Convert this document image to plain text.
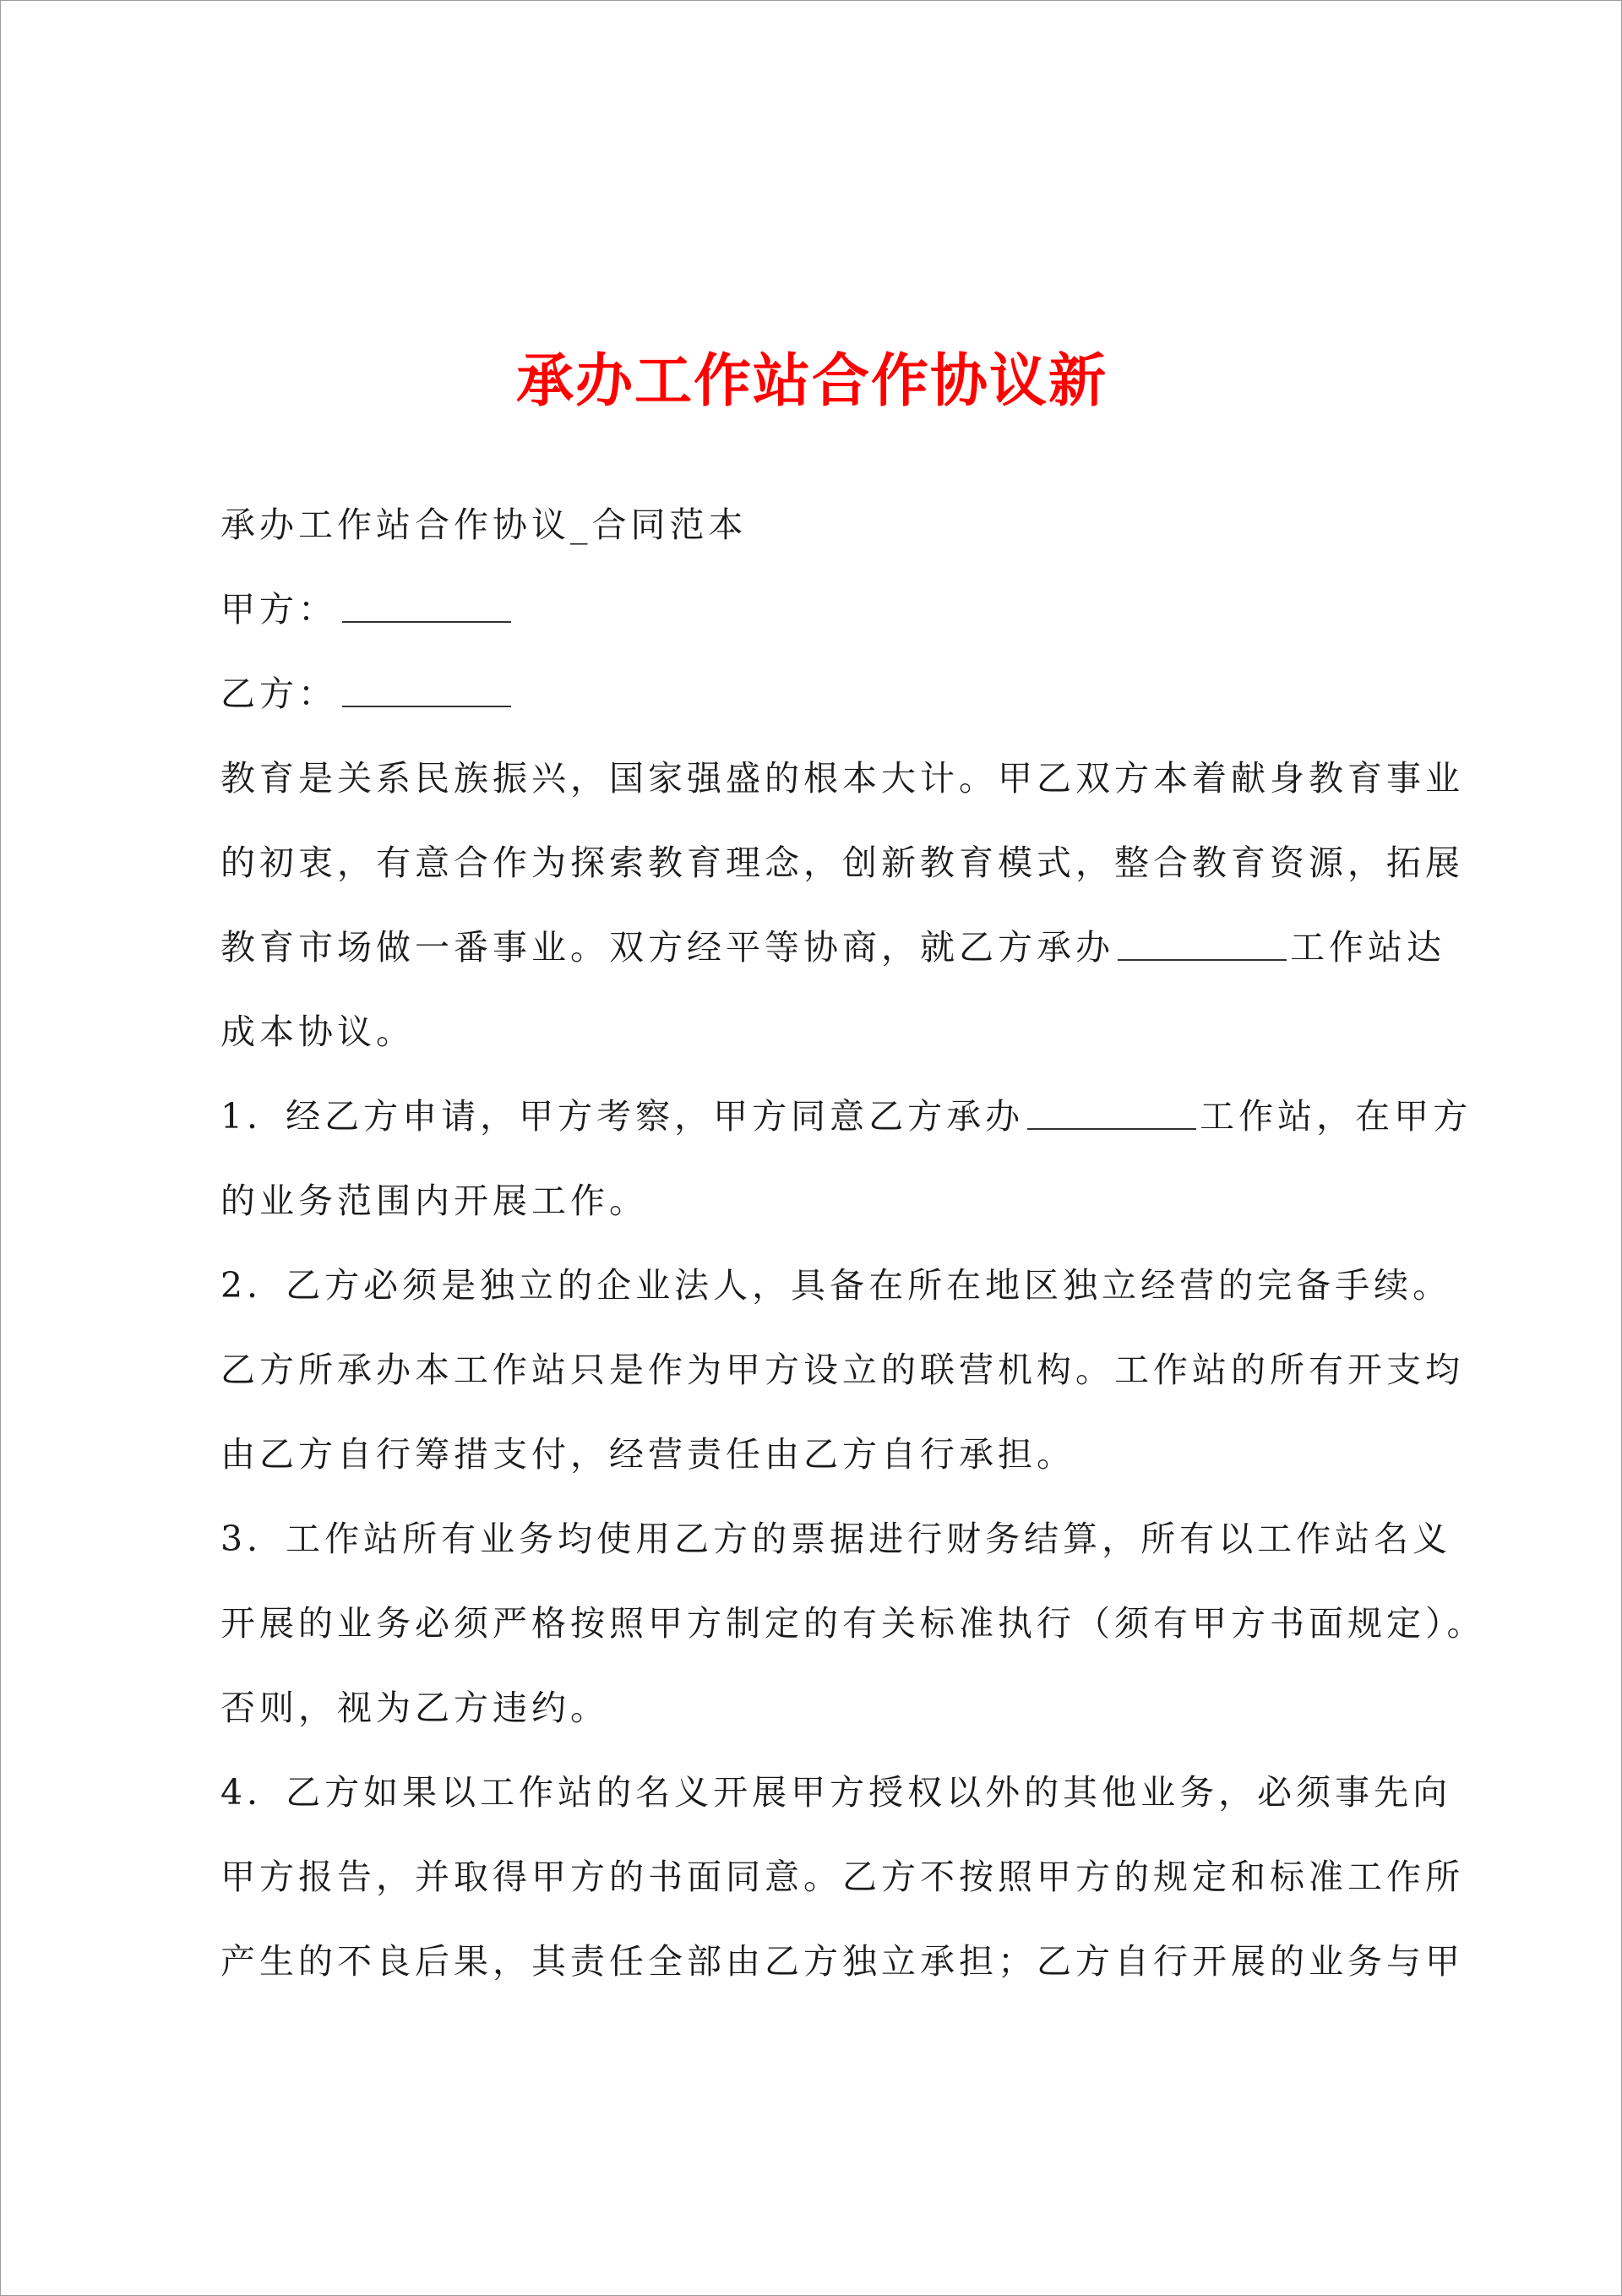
承办工作站合作协议新
承办工作站合作协议_合同范本
甲方：
乙方：
教育是关系民族振兴，国家强盛的根本大计。甲乙双方本着献身教育事业
的初衷，有意合作为探索教育理念，创新教育模式，整合教育资源，拓展
教育市场做一番事业。双方经平等协商，就乙方承办	工作站达
成本协议。
1．经乙方申请，甲方考察，甲方同意乙方承办	工作站，在甲方
的业务范围内开展工作。
2．乙方必须是独立的企业法人，具备在所在地区独立经营的完备手续。
乙方所承办本工作站只是作为甲方设立的联营机构。工作站的所有开支均
由乙方自行筹措支付，经营责任由乙方自行承担。
3．工作站所有业务均使用乙方的票据进行财务结算，所有以工作站名义
开展的业务必须严格按照甲方制定的有关标准执行（须有甲方书面规定）。
否则，视为乙方违约。
4．乙方如果以工作站的名义开展甲方授权以外的其他业务，必须事先向
甲方报告，并取得甲方的书面同意。乙方不按照甲方的规定和标准工作所
产生的不良后果，其责任全部由乙方独立承担；乙方自行开展的业务与甲
